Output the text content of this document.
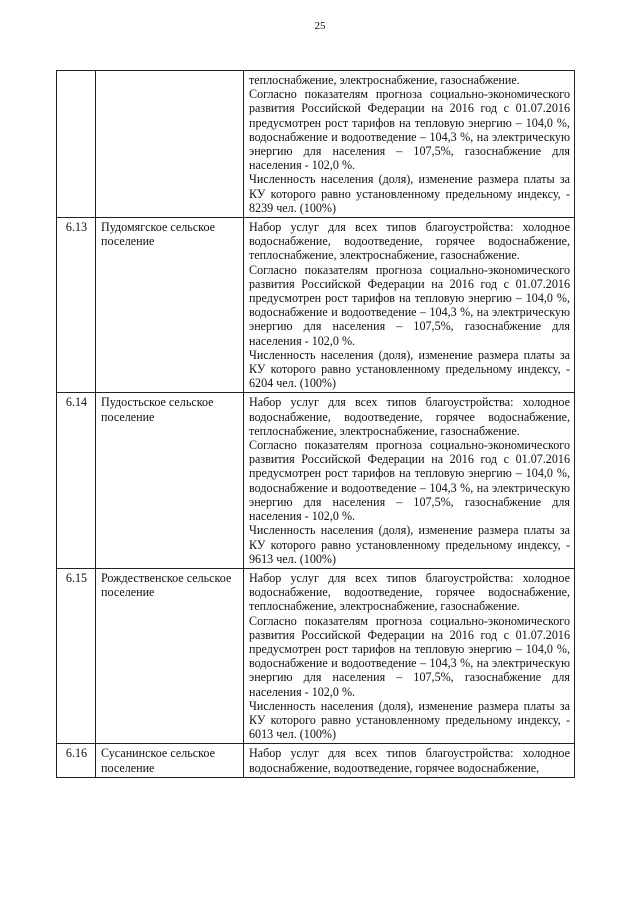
25

		теплоснабжение, электроснабжение, газоснабжение.

Согласно показателям прогноза социально-экономического развития Российской Федерации на 2016 год с 01.07.2016 предусмотрен рост тарифов на тепловую энергию – 104,0 %, водоснабжение и водоотведение – 104,3 %, на электрическую энергию для населения – 107,5%, газоснабжение для населения - 102,0 %.

Численность населения (доля), изменение размера платы за КУ которого равно установленному предельному индексу, - 8239 чел. (100%)

6.13	Пудомягское сельское поселение	Набор услуг для всех типов благоустройства: холодное водоснабжение, водоотведение, горячее водоснабжение, теплоснабжение, электроснабжение, газоснабжение.

Согласно показателям прогноза социально-экономического развития Российской Федерации на 2016 год с 01.07.2016 предусмотрен рост тарифов на тепловую энергию – 104,0 %, водоснабжение и водоотведение – 104,3 %, на электрическую энергию для населения – 107,5%, газоснабжение для населения - 102,0 %.

Численность населения (доля), изменение размера платы за КУ которого равно установленному предельному индексу, - 6204 чел. (100%)

6.14	Пудостьское сельское поселение	Набор услуг для всех типов благоустройства: холодное водоснабжение, водоотведение, горячее водоснабжение, теплоснабжение, электроснабжение, газоснабжение.

Согласно показателям прогноза социально-экономического развития Российской Федерации на 2016 год с 01.07.2016 предусмотрен рост тарифов на тепловую энергию – 104,0 %, водоснабжение и водоотведение – 104,3 %, на электрическую энергию для населения – 107,5%, газоснабжение для населения - 102,0 %.

Численность населения (доля), изменение размера платы за КУ которого равно установленному предельному индексу, - 9613 чел. (100%)

6.15	Рождественское сельское поселение	Набор услуг для всех типов благоустройства: холодное водоснабжение, водоотведение, горячее водоснабжение, теплоснабжение, электроснабжение, газоснабжение.

Согласно показателям прогноза социально-экономического развития Российской Федерации на 2016 год с 01.07.2016 предусмотрен рост тарифов на тепловую энергию – 104,0 %, водоснабжение и водоотведение – 104,3 %, на электрическую энергию для населения – 107,5%, газоснабжение для населения - 102,0 %.

Численность населения (доля), изменение размера платы за КУ которого равно установленному предельному индексу, - 6013 чел. (100%)

6.16	Сусанинское сельское поселение	Набор услуг для всех типов благоустройства: холодное водоснабжение, водоотведение, горячее водоснабжение,
